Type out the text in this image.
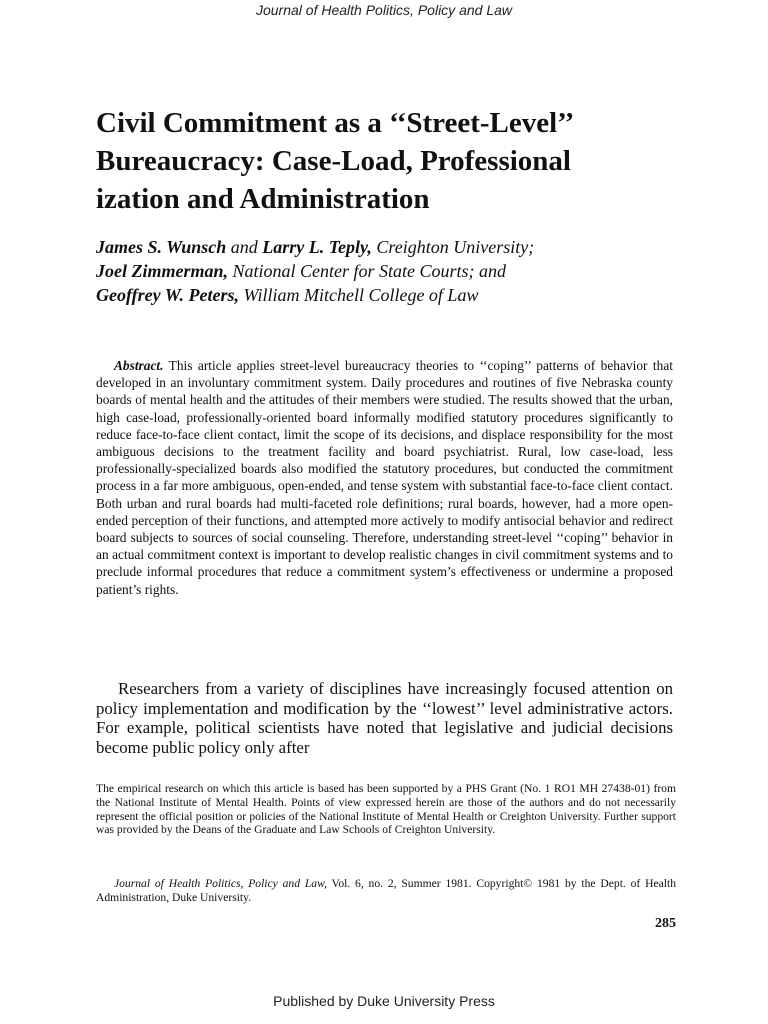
Journal of Health Politics, Policy and Law
Civil Commitment as a ‘‘Street-Level’’
Bureaucracy: Case-Load, Professional
ization and Administration
James S. Wunsch and Larry L. Teply, Creighton University;
Joel Zimmerman, National Center for State Courts; and
Geoffrey W. Peters, William Mitchell College of Law

Abstract. This article applies street-level bureaucracy theories to ‘‘coping’’ patterns of behavior that developed in an involuntary commitment system. Daily procedures and routines of five Nebraska county boards of mental health and the attitudes of their members were studied. The results showed that the urban, high case-load, professionally-oriented board informally modified statutory procedures significantly to reduce face-to-face client contact, limit the scope of its decisions, and displace responsibility for the most ambiguous decisions to the treatment facility and board psychiatrist. Rural, low case-load, less professionally-specialized boards also modified the statutory procedures, but conducted the commitment process in a far more ambiguous, open-ended, and tense system with substantial face-to-face client contact. Both urban and rural boards had multi-faceted role definitions; rural boards, however, had a more open-ended perception of their functions, and attempted more actively to modify antisocial behavior and redirect board subjects to sources of social counseling. Therefore, understanding street-level ‘‘coping’’ behavior in an actual commitment context is important to develop realistic changes in civil commitment systems and to preclude informal procedures that reduce a commitment system’s effectiveness or undermine a proposed patient’s rights.

Researchers from a variety of disciplines have increasingly focused attention on policy implementation and modification by the ‘‘lowest’’ level administrative actors. For example, political scientists have noted that legislative and judicial decisions become public policy only after

The empirical research on which this article is based has been supported by a PHS Grant (No. 1 RO1 MH 27438-01) from the National Institute of Mental Health. Points of view expressed herein are those of the authors and do not necessarily represent the official position or policies of the National Institute of Mental Health or Creighton University. Further support was provided by the Deans of the Graduate and Law Schools of Creighton University.

Journal of Health Politics, Policy and Law, Vol. 6, no. 2, Summer 1981. Copyright© 1981 by the Dept. of Health Administration, Duke University.

285
Published by Duke University Press
